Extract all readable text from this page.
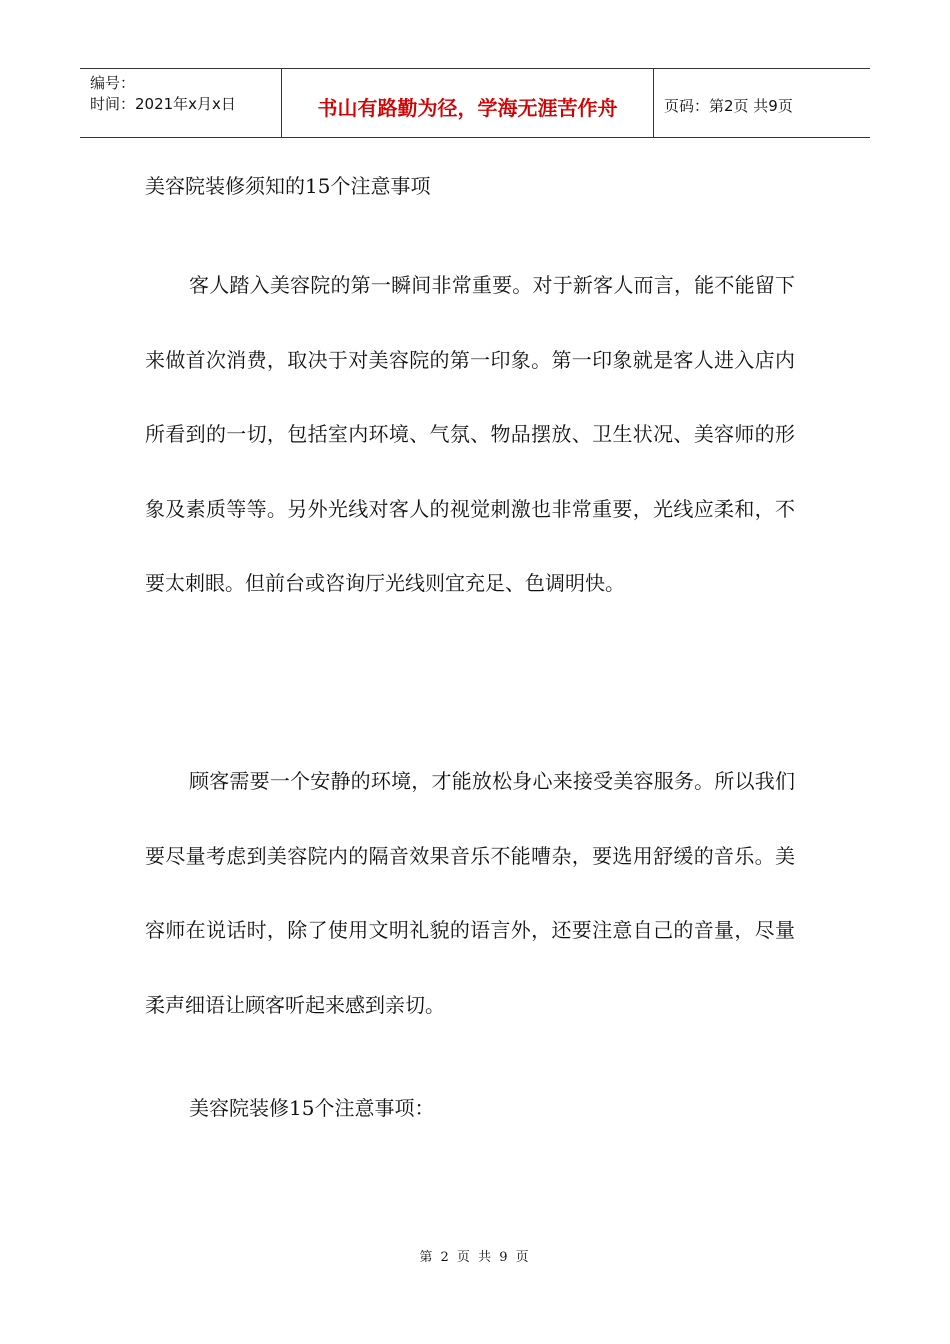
编号：
时间：2021年x月x日	书山有路勤为径，学海无涯苦作舟	页码：第2页 共9页
美容院装修须知的15个注意事项

客人踏入美容院的第一瞬间非常重要。对于新客人而言，能不能留下来做首次消费，取决于对美容院的第一印象。第一印象就是客人进入店内所看到的一切，包括室内环境、气氛、物品摆放、卫生状况、美容师的形象及素质等等。另外光线对客人的视觉刺激也非常重要，光线应柔和，不要太刺眼。但前台或咨询厅光线则宜充足、色调明快。

顾客需要一个安静的环境，才能放松身心来接受美容服务。所以我们要尽量考虑到美容院内的隔音效果音乐不能嘈杂，要选用舒缓的音乐。美容师在说话时，除了使用文明礼貌的语言外，还要注意自己的音量，尽量柔声细语让顾客听起来感到亲切。

美容院装修15个注意事项：

第 2 页 共 9 页
